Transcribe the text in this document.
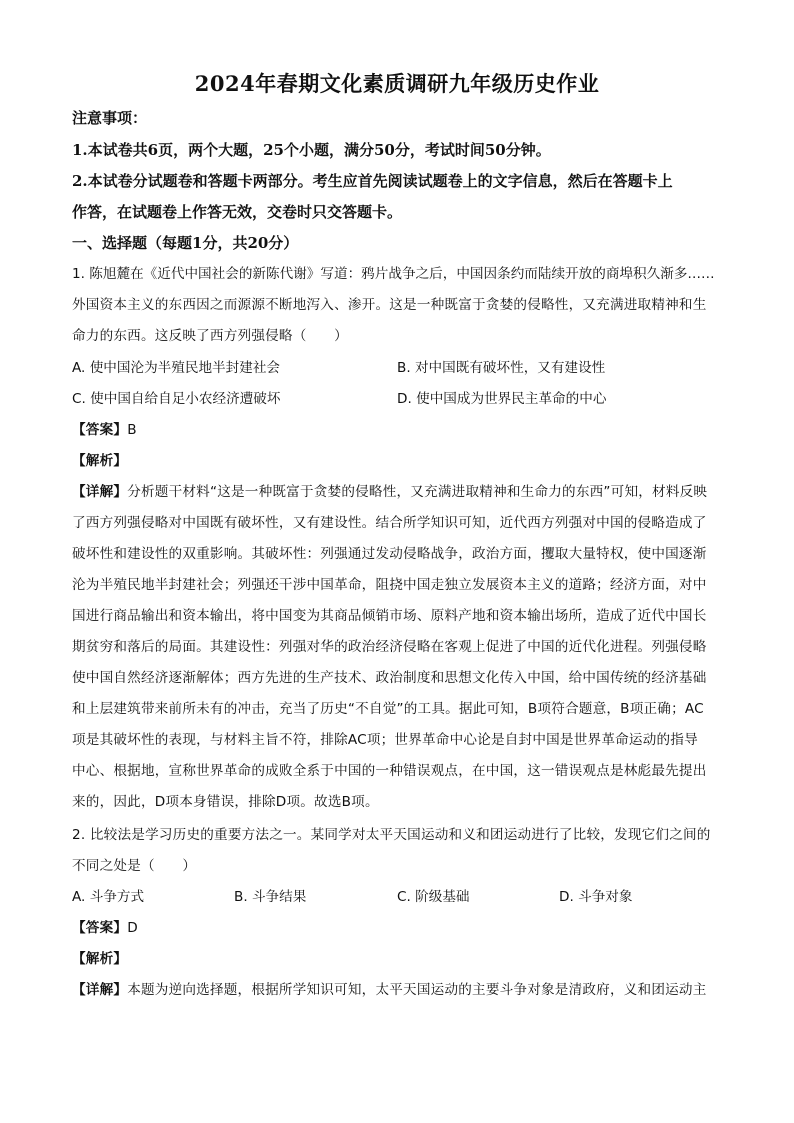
2024年春期文化素质调研九年级历史作业
注意事项：
1.本试卷共6页，两个大题，25个小题，满分50分，考试时间50分钟。
2.本试卷分试题卷和答题卡两部分。考生应首先阅读试题卷上的文字信息，然后在答题卡上
作答，在试题卷上作答无效，交卷时只交答题卡。
一、选择题（每题1分，共20分）
1. 陈旭麓在《近代中国社会的新陈代谢》写道：鸦片战争之后，中国因条约而陆续开放的商埠积久渐多……
外国资本主义的东西因之而源源不断地泻入、渗开。这是一种既富于贪婪的侵略性，又充满进取精神和生
命力的东西。这反映了西方列强侵略（　　）
A. 使中国沦为半殖民地半封建社会	B. 对中国既有破坏性，又有建设性
C. 使中国自给自足小农经济遭破坏	D. 使中国成为世界民主革命的中心
【答案】B
【解析】
【详解】分析题干材料“这是一种既富于贪婪的侵略性，又充满进取精神和生命力的东西”可知，材料反映
了西方列强侵略对中国既有破坏性，又有建设性。结合所学知识可知，近代西方列强对中国的侵略造成了
破坏性和建设性的双重影响。其破坏性：列强通过发动侵略战争，政治方面，攫取大量特权，使中国逐渐
沦为半殖民地半封建社会；列强还干涉中国革命，阻挠中国走独立发展资本主义的道路；经济方面，对中
国进行商品输出和资本输出，将中国变为其商品倾销市场、原料产地和资本输出场所，造成了近代中国长
期贫穷和落后的局面。其建设性：列强对华的政治经济侵略在客观上促进了中国的近代化进程。列强侵略
使中国自然经济逐渐解体；西方先进的生产技术、政治制度和思想文化传入中国，给中国传统的经济基础
和上层建筑带来前所未有的冲击，充当了历史“不自觉”的工具。据此可知，B项符合题意，B项正确；AC
项是其破坏性的表现，与材料主旨不符，排除AC项；世界革命中心论是自封中国是世界革命运动的指导
中心、根据地，宣称世界革命的成败全系于中国的一种错误观点，在中国，这一错误观点是林彪最先提出
来的，因此，D项本身错误，排除D项。故选B项。
2. 比较法是学习历史的重要方法之一。某同学对太平天国运动和义和团运动进行了比较，发现它们之间的
不同之处是（　　）
A. 斗争方式	B. 斗争结果	C. 阶级基础	D. 斗争对象
【答案】D
【解析】
【详解】本题为逆向选择题，根据所学知识可知，太平天国运动的主要斗争对象是清政府，义和团运动主
